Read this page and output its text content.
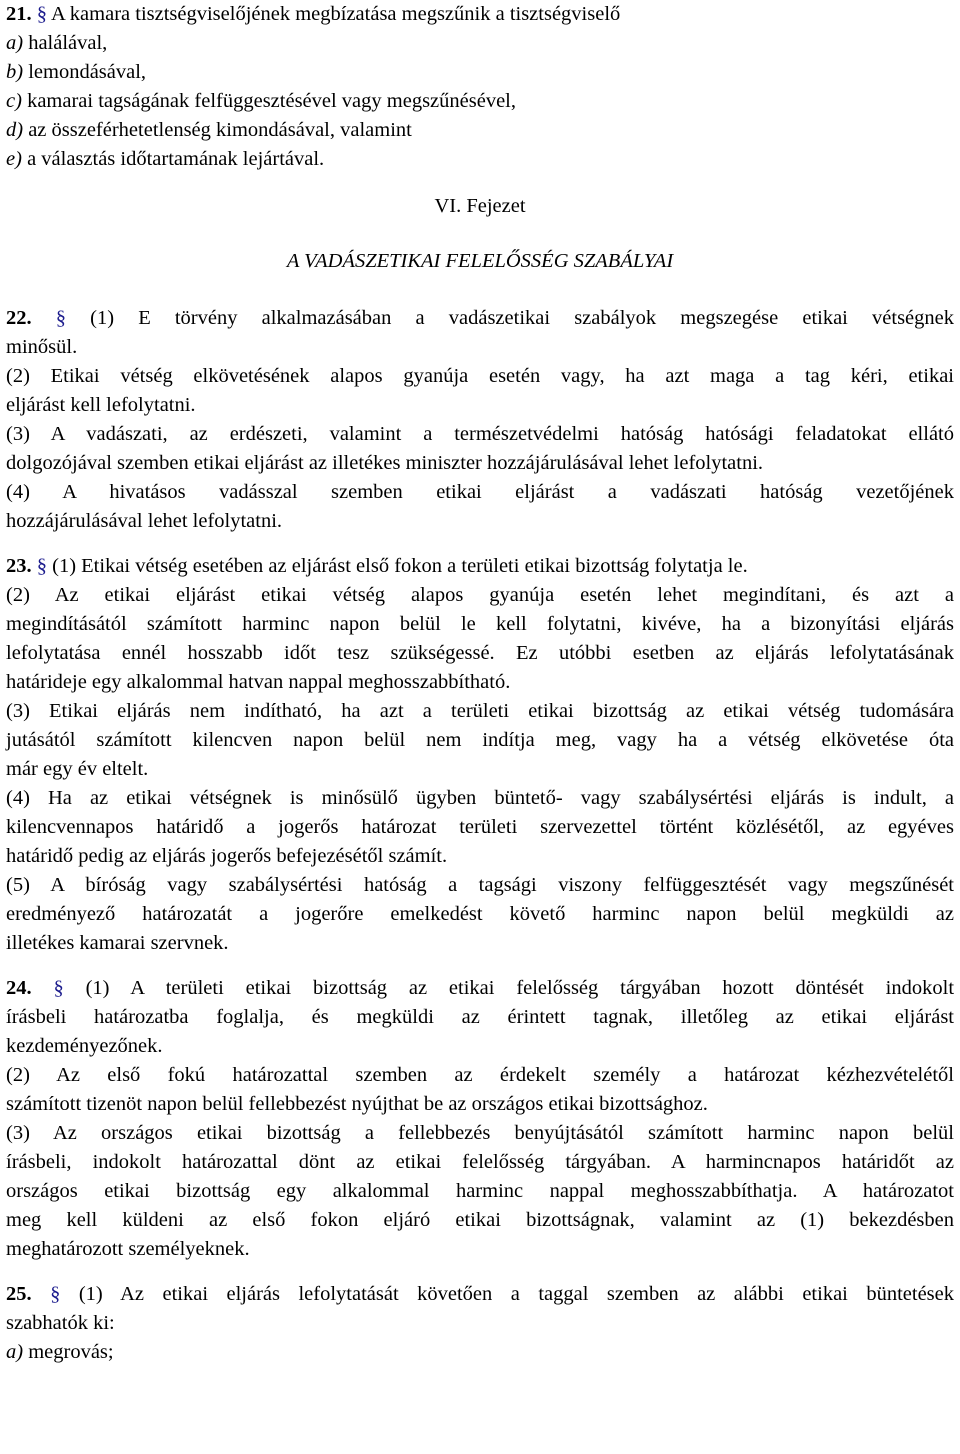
21. § A kamara tisztségviselőjének megbízatása megszűnik a tisztségviselő
a) halálával,
b) lemondásával,
c) kamarai tagságának felfüggesztésével vagy megszűnésével,
d) az összeférhetetlenség kimondásával, valamint
e) a választás időtartamának lejártával.
VI. Fejezet
A VADÁSZETIKAI FELELŐSSÉG SZABÁLYAI
22. § (1) E törvény alkalmazásában a vadászetikai szabályok megszegése etikai vétségnek
minősül.
(2) Etikai vétség elkövetésének alapos gyanúja esetén vagy, ha azt maga a tag kéri, etikai
eljárást kell lefolytatni.
(3) A vadászati, az erdészeti, valamint a természetvédelmi hatóság hatósági feladatokat ellátó
dolgozójával szemben etikai eljárást az illetékes miniszter hozzájárulásával lehet lefolytatni.
(4) A hivatásos vadásszal szemben etikai eljárást a vadászati hatóság vezetőjének
hozzájárulásával lehet lefolytatni.
23. § (1) Etikai vétség esetében az eljárást első fokon a területi etikai bizottság folytatja le.
(2) Az etikai eljárást etikai vétség alapos gyanúja esetén lehet megindítani, és azt a
megindításától számított harminc napon belül le kell folytatni, kivéve, ha a bizonyítási eljárás
lefolytatása ennél hosszabb időt tesz szükségessé. Ez utóbbi esetben az eljárás lefolytatásának
határideje egy alkalommal hatvan nappal meghosszabbítható.
(3) Etikai eljárás nem indítható, ha azt a területi etikai bizottság az etikai vétség tudomására
jutásától számított kilencven napon belül nem indítja meg, vagy ha a vétség elkövetése óta
már egy év eltelt.
(4) Ha az etikai vétségnek is minősülő ügyben büntető- vagy szabálysértési eljárás is indult, a
kilencvennapos határidő a jogerős határozat területi szervezettel történt közlésétől, az egyéves
határidő pedig az eljárás jogerős befejezésétől számít.
(5) A bíróság vagy szabálysértési hatóság a tagsági viszony felfüggesztését vagy megszűnését
eredményező határozatát a jogerőre emelkedést követő harminc napon belül megküldi az
illetékes kamarai szervnek.
24. § (1) A területi etikai bizottság az etikai felelősség tárgyában hozott döntését indokolt
írásbeli határozatba foglalja, és megküldi az érintett tagnak, illetőleg az etikai eljárást
kezdeményezőnek.
(2) Az első fokú határozattal szemben az érdekelt személy a határozat kézhezvételétől
számított tizenöt napon belül fellebbezést nyújthat be az országos etikai bizottsághoz.
(3) Az országos etikai bizottság a fellebbezés benyújtásától számított harminc napon belül
írásbeli, indokolt határozattal dönt az etikai felelősség tárgyában. A harmincnapos határidőt az
országos etikai bizottság egy alkalommal harminc nappal meghosszabbíthatja. A határozatot
meg kell küldeni az első fokon eljáró etikai bizottságnak, valamint az (1) bekezdésben
meghatározott személyeknek.
25. § (1) Az etikai eljárás lefolytatását követően a taggal szemben az alábbi etikai büntetések
szabhatók ki:
a) megrovás;
